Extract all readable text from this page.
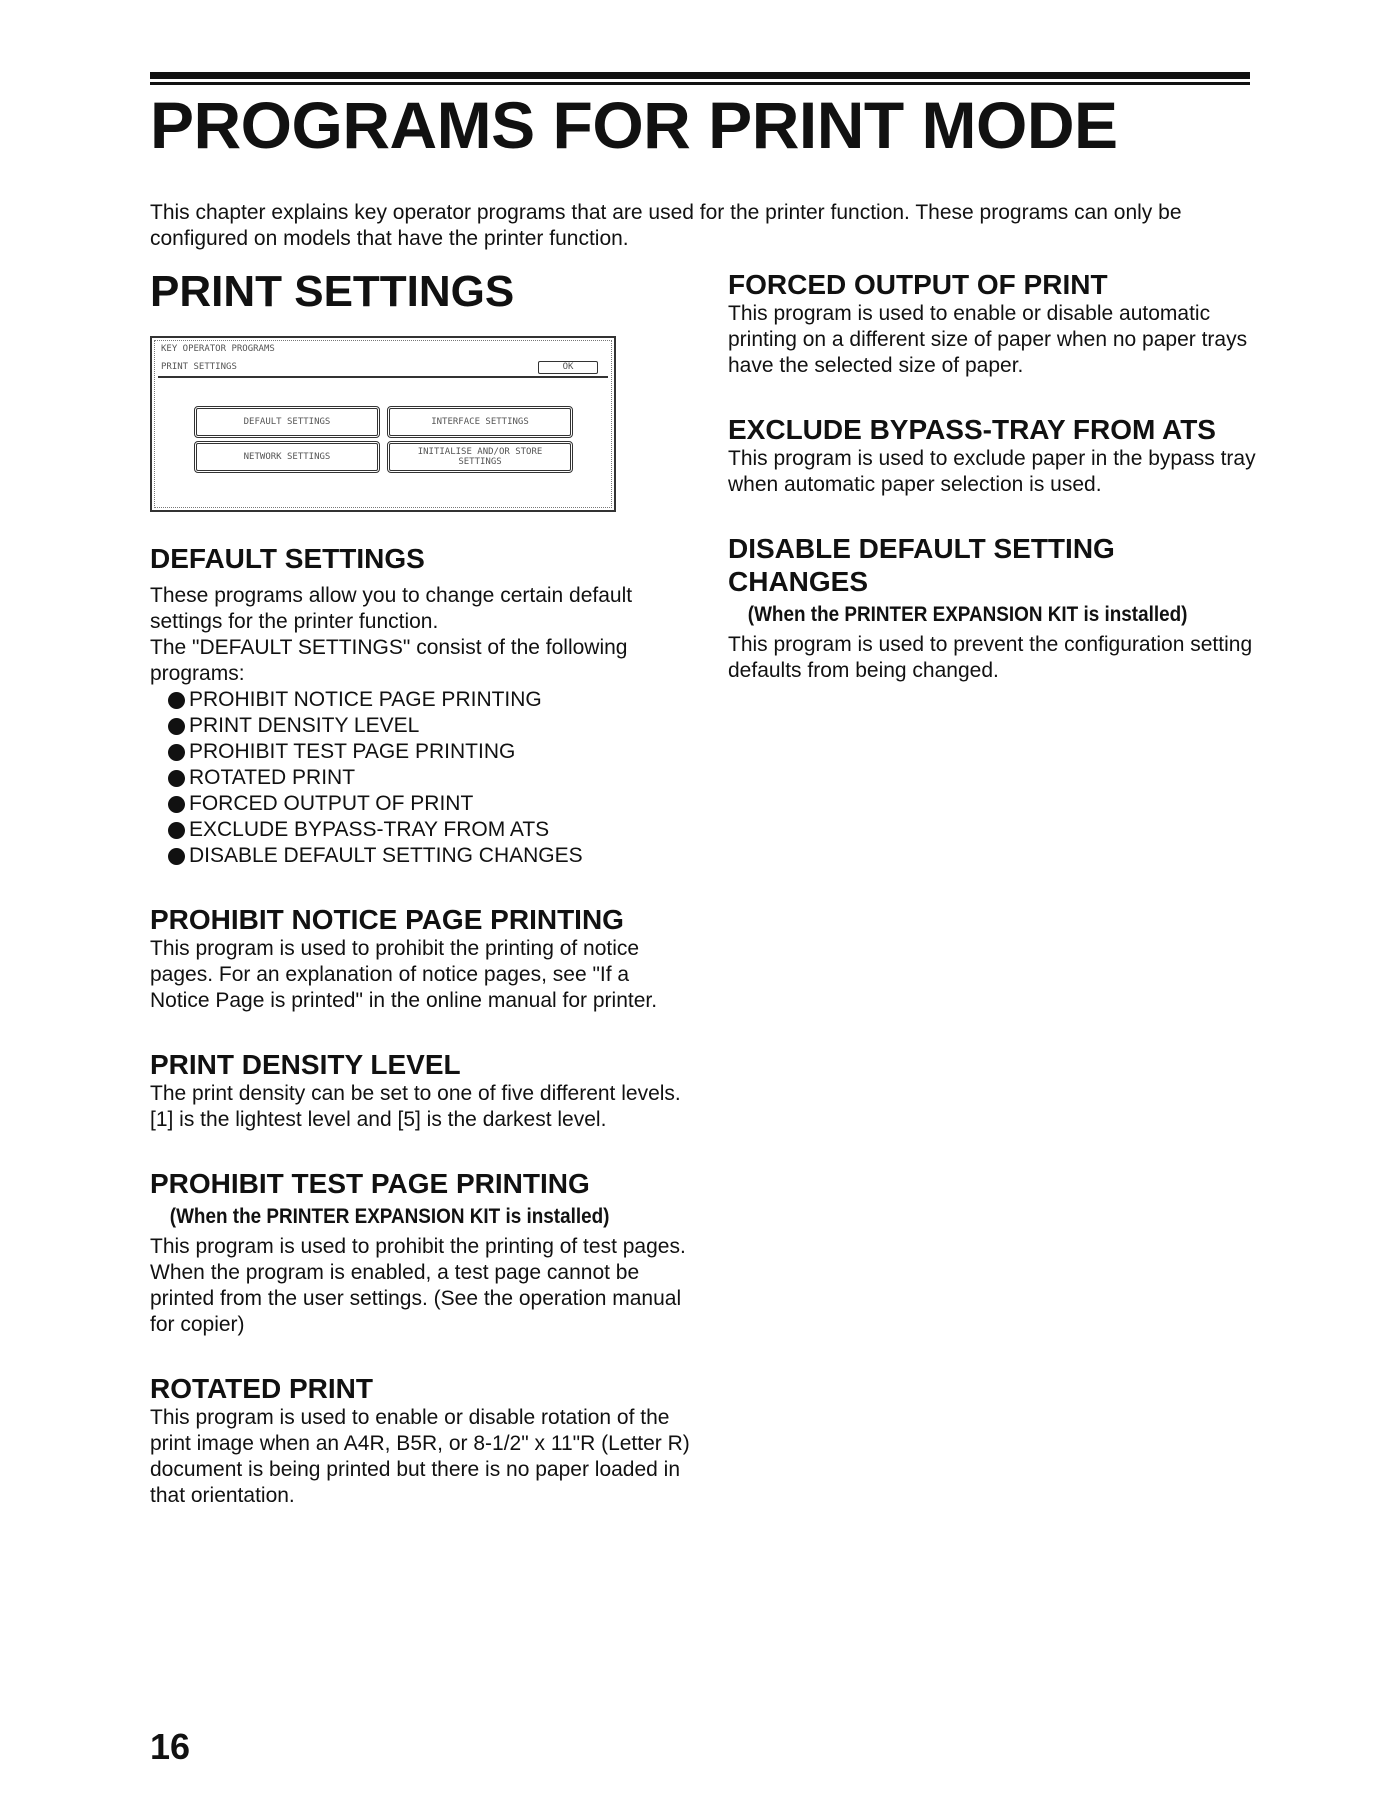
PROGRAMS FOR PRINT MODE

This chapter explains key operator programs that are used for the printer function. These programs can only be configured on models that have the printer function.

PRINT SETTINGS
KEY OPERATOR PROGRAMS
PRINT SETTINGS	OK
DEFAULT SETTINGS	INTERFACE SETTINGS
NETWORK SETTINGS	INITIALISE AND/OR STORE
SETTINGS
DEFAULT SETTINGS

These programs allow you to change certain default settings for the printer function.

The "DEFAULT SETTINGS" consist of the following programs:

PROHIBIT NOTICE PAGE PRINTING
PRINT DENSITY LEVEL
PROHIBIT TEST PAGE PRINTING
ROTATED PRINT
FORCED OUTPUT OF PRINT
EXCLUDE BYPASS-TRAY FROM ATS
DISABLE DEFAULT SETTING CHANGES
PROHIBIT NOTICE PAGE PRINTING

This program is used to prohibit the printing of notice pages. For an explanation of notice pages, see "If a Notice Page is printed" in the online manual for printer.

PRINT DENSITY LEVEL

The print density can be set to one of five different levels. [1] is the lightest level and [5] is the darkest level.

PROHIBIT TEST PAGE PRINTING
(When the PRINTER EXPANSION KIT is installed)

This program is used to prohibit the printing of test pages.

When the program is enabled, a test page cannot be printed from the user settings. (See the operation manual for copier)

ROTATED PRINT

This program is used to enable or disable rotation of the print image when an A4R, B5R, or 8-1/2" x 11"R (Letter R) document is being printed but there is no paper loaded in that orientation.

FORCED OUTPUT OF PRINT

This program is used to enable or disable automatic printing on a different size of paper when no paper trays have the selected size of paper.

EXCLUDE BYPASS-TRAY FROM ATS

This program is used to exclude paper in the bypass tray when automatic paper selection is used.

DISABLE DEFAULT SETTING
CHANGES
(When the PRINTER EXPANSION KIT is installed)

This program is used to prevent the configuration setting defaults from being changed.

16
